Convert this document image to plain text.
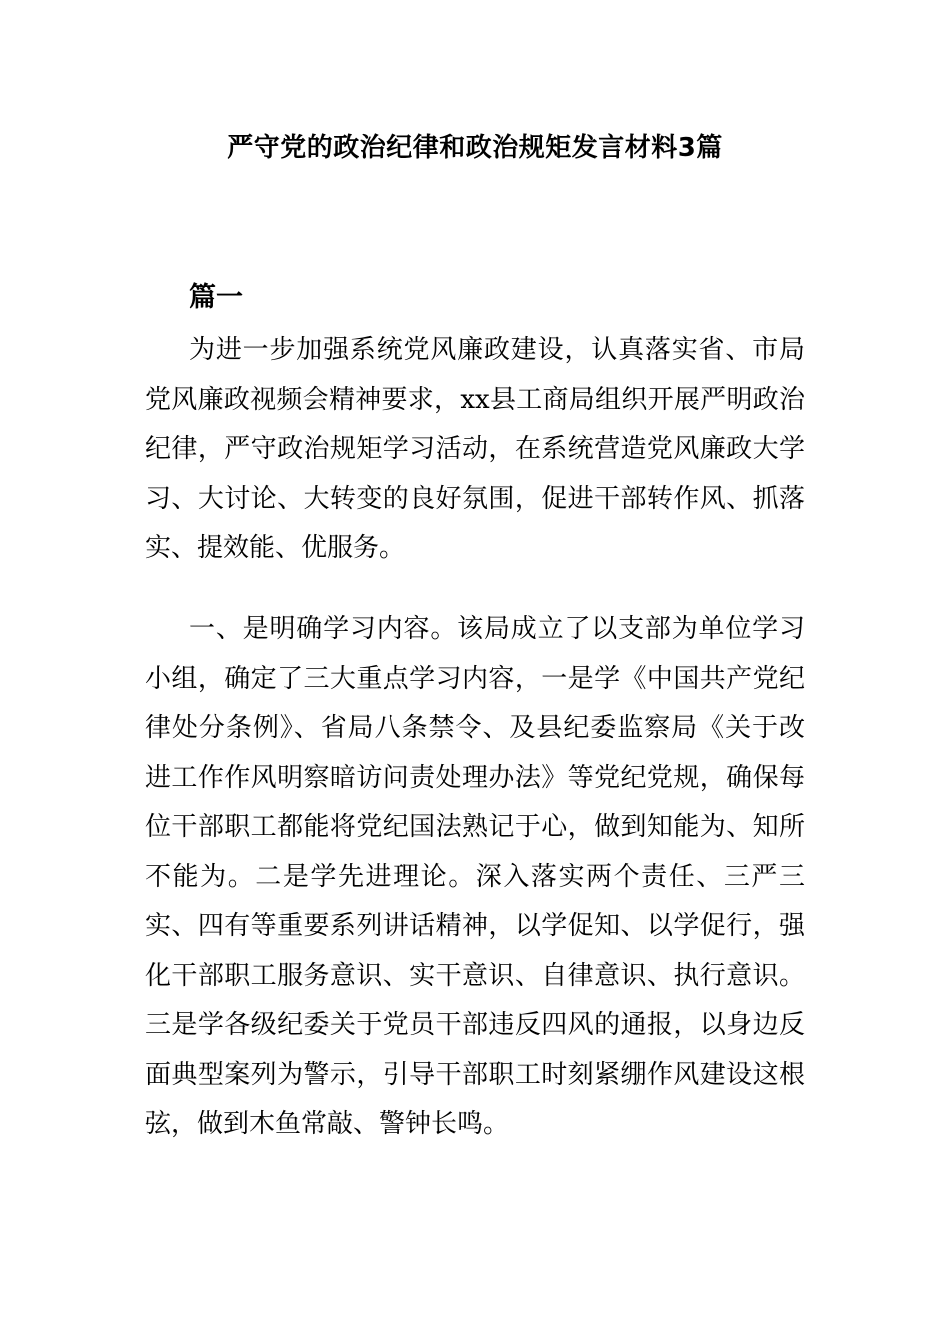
严守党的政治纪律和政治规矩发言材料3篇
篇一

为进一步加强系统党风廉政建设，认真落实省、市局党风廉政视频会精神要求，xx县工商局组织开展严明政治纪律，严守政治规矩学习活动，在系统营造党风廉政大学习、大讨论、大转变的良好氛围，促进干部转作风、抓落实、提效能、优服务。

一、是明确学习内容。该局成立了以支部为单位学习小组，确定了三大重点学习内容，一是学《中国共产党纪律处分条例》、省局八条禁令、及县纪委监察局《关于改进工作作风明察暗访问责处理办法》等党纪党规，确保每位干部职工都能将党纪国法熟记于心，做到知能为、知所不能为。二是学先进理论。深入落实两个责任、三严三实、四有等重要系列讲话精神，以学促知、以学促行，强化干部职工服务意识、实干意识、自律意识、执行意识。三是学各级纪委关于党员干部违反四风的通报，以身边反面典型案列为警示，引导干部职工时刻紧绷作风建设这根弦，做到木鱼常敲、警钟长鸣。
